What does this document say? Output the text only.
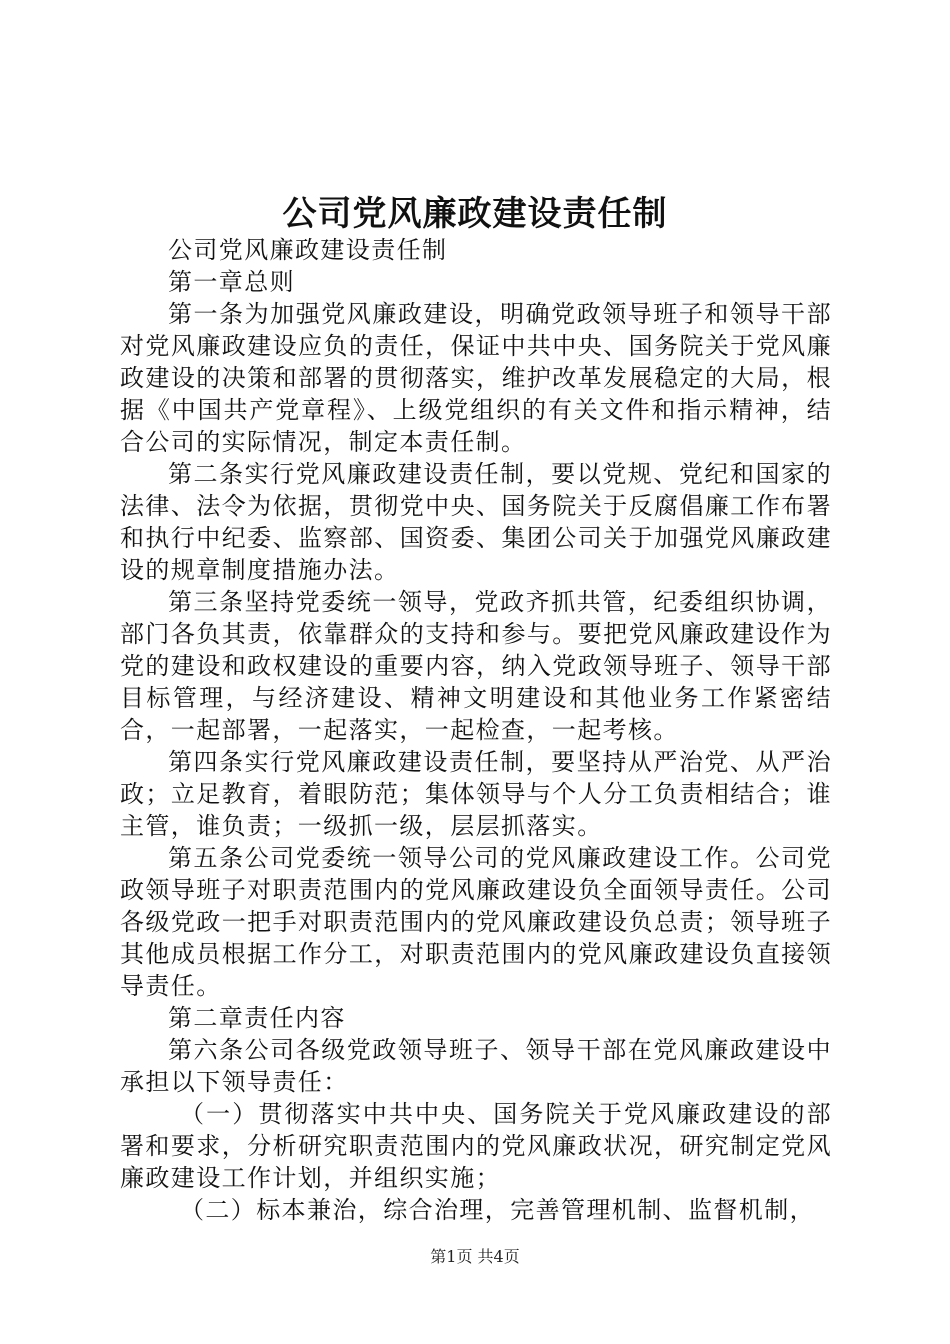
公司党风廉政建设责任制

公司党风廉政建设责任制

第一章总则

第一条为加强党风廉政建设，明确党政领导班子和领导干部对党风廉政建设应负的责任，保证中共中央、国务院关于党风廉政建设的决策和部署的贯彻落实，维护改革发展稳定的大局，根据《中国共产党章程》、上级党组织的有关文件和指示精神，结合公司的实际情况，制定本责任制。

第二条实行党风廉政建设责任制，要以党规、党纪和国家的法律、法令为依据，贯彻党中央、国务院关于反腐倡廉工作布署和执行中纪委、监察部、国资委、集团公司关于加强党风廉政建设的规章制度措施办法。

第三条坚持党委统一领导，党政齐抓共管，纪委组织协调，部门各负其责，依靠群众的支持和参与。要把党风廉政建设作为党的建设和政权建设的重要内容，纳入党政领导班子、领导干部目标管理，与经济建设、精神文明建设和其他业务工作紧密结合，一起部署，一起落实，一起检查，一起考核。

第四条实行党风廉政建设责任制，要坚持从严治党、从严治政；立足教育，着眼防范；集体领导与个人分工负责相结合；谁主管，谁负责；一级抓一级，层层抓落实。

第五条公司党委统一领导公司的党风廉政建设工作。公司党政领导班子对职责范围内的党风廉政建设负全面领导责任。公司各级党政一把手对职责范围内的党风廉政建设负总责；领导班子其他成员根据工作分工，对职责范围内的党风廉政建设负直接领导责任。

第二章责任内容

第六条公司各级党政领导班子、领导干部在党风廉政建设中承担以下领导责任：

（一）贯彻落实中共中央、国务院关于党风廉政建设的部署和要求，分析研究职责范围内的党风廉政状况，研究制定党风廉政建设工作计划，并组织实施；

（二）标本兼治，综合治理，完善管理机制、监督机制，

第1页 共4页
